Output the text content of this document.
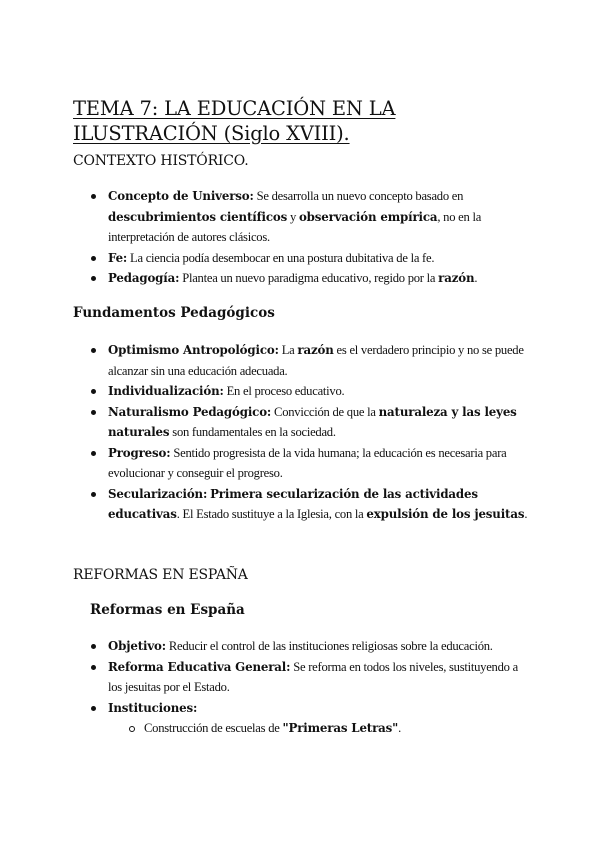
TEMA 7: LA EDUCACIÓN EN LA ILUSTRACIÓN (Siglo XVIII).
CONTEXTO HISTÓRICO.
Concepto de Universo: Se desarrolla un nuevo concepto basado en descubrimientos científicos y observación empírica, no en la interpretación de autores clásicos.
Fe: La ciencia podía desembocar en una postura dubitativa de la fe.
Pedagogía: Plantea un nuevo paradigma educativo, regido por la razón.
Fundamentos Pedagógicos
Optimismo Antropológico: La razón es el verdadero principio y no se puede alcanzar sin una educación adecuada.
Individualización: En el proceso educativo.
Naturalismo Pedagógico: Convicción de que la naturaleza y las leyes naturales son fundamentales en la sociedad.
Progreso: Sentido progresista de la vida humana; la educación es necesaria para evolucionar y conseguir el progreso.
Secularización: Primera secularización de las actividades educativas. El Estado sustituye a la Iglesia, con la expulsión de los jesuitas.
REFORMAS EN ESPAÑA
Reformas en España
Objetivo: Reducir el control de las instituciones religiosas sobre la educación.
Reforma Educativa General: Se reforma en todos los niveles, sustituyendo a los jesuitas por el Estado.
Instituciones:
Construcción de escuelas de "Primeras Letras".
